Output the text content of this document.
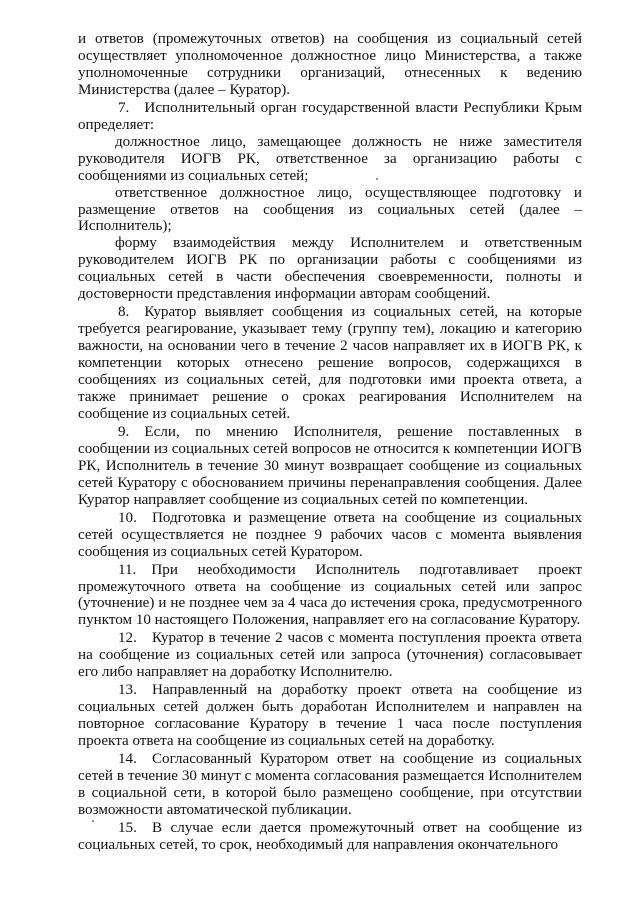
и ответов (промежуточных ответов) на сообщения из социальный сетей осуществляет уполномоченное должностное лицо Министерства, а также уполномоченные сотрудники организаций, отнесенных к ведению Министерства (далее – Куратор).

7. Исполнительный орган государственной власти Республики Крым определяет:

должностное лицо, замещающее должность не ниже заместителя руководителя ИОГВ РК, ответственное за организацию работы с сообщениями из социальных сетей;

ответственное должностное лицо, осуществляющее подготовку и размещение ответов на сообщения из социальных сетей (далее – Исполнитель);

форму взаимодействия между Исполнителем и ответственным руководителем ИОГВ РК по организации работы с сообщениями из социальных сетей в части обеспечения своевременности, полноты и достоверности представления информации авторам сообщений.

8. Куратор выявляет сообщения из социальных сетей, на которые требуется реагирование, указывает тему (группу тем), локацию и категорию важности, на основании чего в течение 2 часов направляет их в ИОГВ РК, к компетенции которых отнесено решение вопросов, содержащихся в сообщениях из социальных сетей, для подготовки ими проекта ответа, а также принимает решение о сроках реагирования Исполнителем на сообщение из социальных сетей.

9. Если, по мнению Исполнителя, решение поставленных в сообщении из социальных сетей вопросов не относится к компетенции ИОГВ РК, Исполнитель в течение 30 минут возвращает сообщение из социальных сетей Куратору с обоснованием причины перенаправления сообщения. Далее Куратор направляет сообщение из социальных сетей по компетенции.

10. Подготовка и размещение ответа на сообщение из социальных сетей осуществляется не позднее 9 рабочих часов с момента выявления сообщения из социальных сетей Куратором.

11. При необходимости Исполнитель подготавливает проект промежуточного ответа на сообщение из социальных сетей или запрос (уточнение) и не позднее чем за 4 часа до истечения срока, предусмотренного пунктом 10 настоящего Положения, направляет его на согласование Куратору.

12. Куратор в течение 2 часов с момента поступления проекта ответа на сообщение из социальных сетей или запроса (уточнения) согласовывает его либо направляет на доработку Исполнителю.

13. Направленный на доработку проект ответа на сообщение из социальных сетей должен быть доработан Исполнителем и направлен на повторное согласование Куратору в течение 1 часа после поступления проекта ответа на сообщение из социальных сетей на доработку.

14. Согласованный Куратором ответ на сообщение из социальных сетей в течение 30 минут с момента согласования размещается Исполнителем в социальной сети, в которой было размещено сообщение, при отсутствии возможности автоматической публикации.

15. В случае если дается промежуточный ответ на сообщение из социальных сетей, то срок, необходимый для направления окончательного
